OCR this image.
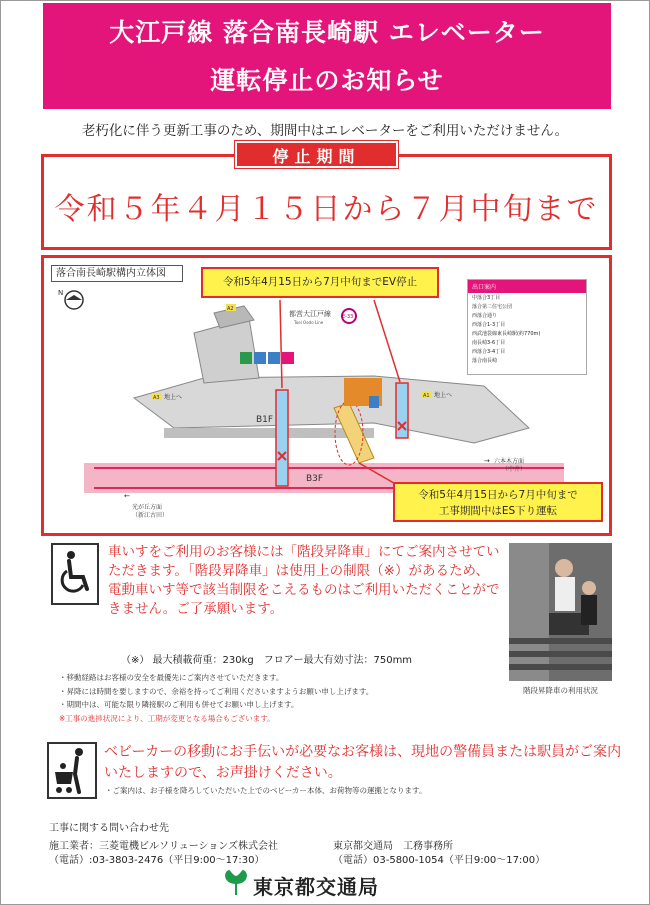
大江戸線 落合南長崎駅 エレベーター
運転停止のお知らせ
老朽化に伴う更新工事のため、期間中はエレベーターをご利用いただけません。
停止期間
令和５年４月１５日から７月中旬まで
N
B3F
B1F
都営大江戸線
Toei Oedo Line
E-33
A2
A3 地上へ	A1 地上へ
←
光が丘方面
（新江古田）
→ 六本木方面
（中井）
落合南長崎駅構内立体図
令和5年4月15日から7月中旬までEV停止
令和5年4月15日から7月中旬まで
工事期間中はES下り運転
出口案内
中落合3丁目
落合第二住宅公団
西落合通り
西落合1-3丁目
西武池袋線東長崎駅(約770m)
南長崎3-6丁目
西落合3-4丁目
落合南長崎
車いすをご利用のお客様には「階段昇降車」にてご案内させていただきます。「階段昇降車」は使用上の制限（※）があるため、電動車いす等で該当制限をこえるものはご利用いただくことができません。ご了承願います。
（※） 最大積載荷重：230kg　フロアー最大有効寸法：750mm
・移動経路はお客様の安全を最優先にご案内させていただきます。
・昇降には時間を要しますので、余裕を持ってご利用くださいますようお願い申し上げます。
・期間中は、可能な限り隣接駅のご利用も併せてお願い申し上げます。
※工事の進捗状況により、工期が変更となる場合もございます。
階段昇降車の利用状況
ベビーカーの移動にお手伝いが必要なお客様は、現地の警備員または駅員がご案内いたしますので、お声掛けください。
・ご案内は、お子様を降ろしていただいた上でのベビーカー本体、お荷物等の運搬となります。
工事に関する問い合わせ先
施工業者：三菱電機ビルソリューションズ株式会社
（電話）:03-3803-2476（平日9:00～17:30）
東京都交通局　工務事務所
（電話）03-5800-1054（平日9:00～17:00）
東京都交通局
